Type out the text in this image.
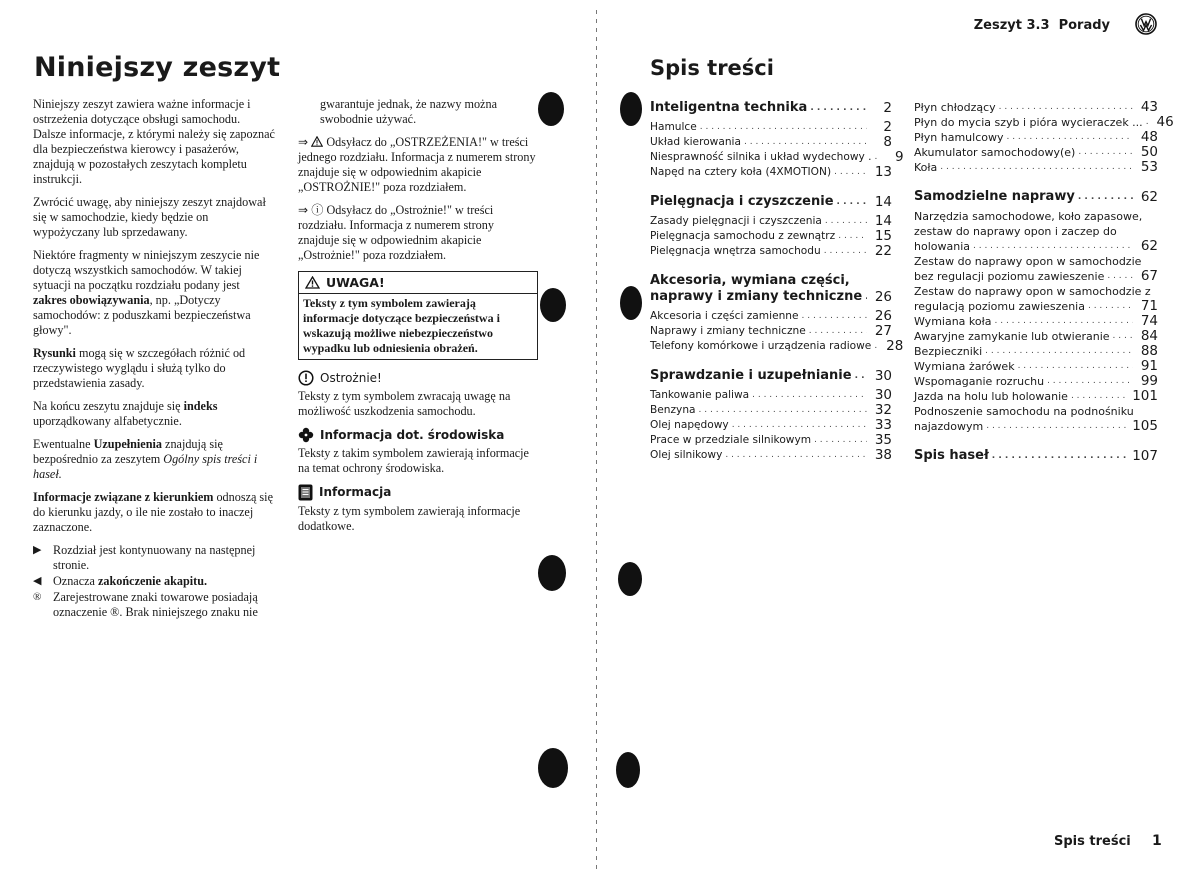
Niniejszy zeszyt

Niniejszy zeszyt zawiera ważne informacje i ostrzeżenia dotyczące obsługi samochodu. Dalsze informacje, z którymi należy się zapoznać dla bezpieczeństwa kierowcy i pasażerów, znajdują w pozostałych zeszytach kompletu instrukcji.

Zwrócić uwagę, aby niniejszy zeszyt znajdował się w samochodzie, kiedy będzie on wypożyczany lub sprzedawany.

Niektóre fragmenty w niniejszym zeszycie nie dotyczą wszystkich samochodów. W takiej sytuacji na początku rozdziału podany jest zakres obowiązywania, np. „Dotyczy samochodów: z poduszkami bezpieczeństwa głowy".

Rysunki mogą się w szczegółach różnić od rzeczywistego wyglądu i służą tylko do przedstawienia zasady.

Na końcu zeszytu znajduje się indeks uporządkowany alfabetycznie.

Ewentualne Uzupełnienia znajdują się bezpośrednio za zeszytem Ogólny spis treści i haseł.

Informacje związane z kierunkiem odnoszą się do kierunku jazdy, o ile nie zostało to inaczej zaznaczone.

▶ Rozdział jest kontynuowany na następnej stronie.
◀ Oznacza zakończenie akapitu.
® Zarejestrowane znaki towarowe posiadają oznaczenie ®. Brak niniejszego znaku nie

gwarantuje jednak, że nazwy można swobodnie używać.

⇒  Odsyłacz do „OSTRZEŻENIA!" w treści jednego rozdziału. Informacja z numerem strony znajduje się w odpowiednim akapicie „OSTROŻNIE!" poza rozdziałem.

⇒ ⓘ Odsyłacz do „Ostrożnie!" w treści rozdziału. Informacja z numerem strony znajduje się w odpowiednim akapicie „Ostrożnie!" poza rozdziałem.

UWAGA!
Teksty z tym symbolem zawierają informacje dotyczące bezpieczeństwa i wskazują możliwe niebezpieczeństwo wypadku lub odniesienia obrażeń.
Ostrożnie!

Teksty z tym symbolem zwracają uwagę na możliwość uszkodzenia samochodu.

Informacja dot. środowiska

Teksty z takim symbolem zawierają informacje na temat ochrony środowiska.

Informacja

Teksty z tym symbolem zawierają informacje dodatkowe.

Zeszyt 3.3  Porady
Spis treści
Inteligentna technika . . .	2
Hamulce . . .	2
Układ kierowania . . .	8
Niesprawność silnika i układ wydechowy . . . .	9
Napęd na cztery koła (4XMOTION) . . .	13
Pielęgnacja i czyszczenie . . .	14
Zasady pielęgnacji i czyszczenia . . .	14
Pielęgnacja samochodu z zewnątrz . . .	15
Pielęgnacja wnętrza samochodu . . .	22
Akcesoria, wymiana części,
naprawy i zmiany techniczne . . . 26
Akcesoria i części zamienne . . .	26
Naprawy i zmiany techniczne . . .	27
Telefony komórkowe i urządzenia radiowe . . .	28
Sprawdzanie i uzupełnianie . . .	30
Tankowanie paliwa . . .	30
Benzyna . . .	32
Olej napędowy . . .	33
Prace w przedziale silnikowym . . .	35
Olej silnikowy . . .	38
Płyn chłodzący . . .	43
Płyn do mycia szyb i pióra wycieraczek ... . . .	46
Płyn hamulcowy . . .	48
Akumulator samochodowy(e) . . .	50
Koła . . .	53
Samodzielne naprawy . . .	62
Narzędzia samochodowe, koło zapasowe, zestaw do naprawy opon i zaczep do
holowania . . .	62
Zestaw do naprawy opon w samochodzie
bez regulacji poziomu zawieszenie . . .	67
Zestaw do naprawy opon w samochodzie z
regulacją poziomu zawieszenia . . .	71
Wymiana koła . . .	74
Awaryjne zamykanie lub otwieranie . . .	84
Bezpieczniki . . .	88
Wymiana żarówek . . .	91
Wspomaganie rozruchu . . .	99
Jazda na holu lub holowanie . . .	101
Podnoszenie samochodu na podnośniku
najazdowym . . .	105
Spis haseł . . .	107
Spis treści 1
